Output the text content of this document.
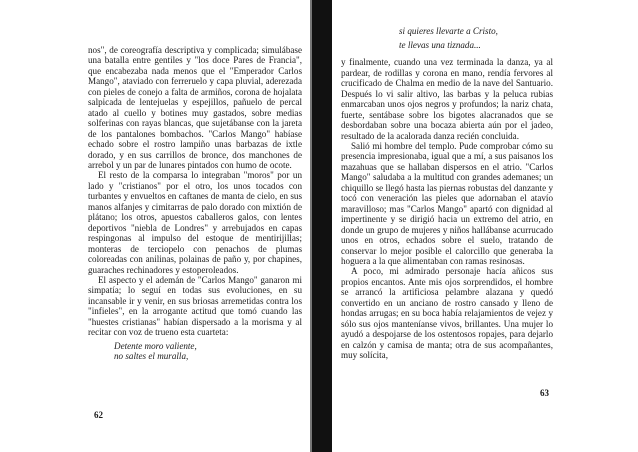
nos", de coreografía descriptiva y complicada; simulábase una batalla entre gentiles y "los doce Pares de Francia", que encabezaba nada menos que el "Emperador Carlos Mango", ataviado con ferreruelo y capa pluvial, aderezada con pieles de conejo a falta de armiños, corona de hojalata salpicada de lentejuelas y espejillos, pañuelo de percal atado al cuello y botines muy gastados, sobre medias solferinas con rayas blancas, que sujetábanse con la jareta de los pantalones bombachos. "Carlos Mango" habíase echado sobre el rostro lampiño unas barbazas de ixtle dorado, y en sus carrillos de bronce, dos manchones de arrebol y un par de lunares pintados con humo de ocote.

El resto de la comparsa lo integraban "moros" por un lado y "cristianos" por el otro, los unos tocados con turbantes y envueltos en caftanes de manta de cielo, en sus manos alfanjes y cimitarras de palo dorado con mixtión de plátano; los otros, apuestos caballeros galos, con lentes deportivos "niebla de Londres" y arrebujados en capas respingonas al impulso del estoque de mentirijillas; monteras de terciopelo con penachos de plumas coloreadas con anilinas, polainas de paño y, por chapines, guaraches rechinadores y estoperoleados.

El aspecto y el ademán de "Carlos Mango" ganaron mi simpatía; lo seguí en todas sus evoluciones, en su incansable ir y venir, en sus briosas arremetidas contra los "infieles", en la arrogante actitud que tomó cuando las "huestes cristianas" habían dispersado a la morisma y al recitar con voz de trueno esta cuarteta:

Detente moro valiente,

no saltes el muralla,

62

si quieres llevarte a Cristo,

te llevas una tiznada...

y finalmente, cuando una vez terminada la danza, ya al pardear, de rodillas y corona en mano, rendía fervores al crucificado de Chalma en medio de la nave del Santuario. Después lo vi salir altivo, las barbas y la peluca rubias enmarcaban unos ojos negros y profundos; la nariz chata, fuerte, sentábase sobre los bigotes alacranados que se desbordaban sobre una bocaza abierta aún por el jadeo, resultado de la acalorada danza recién concluida.

Salió mi hombre del templo. Pude comprobar cómo su presencia impresionaba, igual que a mí, a sus paisanos los mazahuas que se hallaban dispersos en el atrio. "Carlos Mango" saludaba a la multitud con grandes ademanes; un chiquillo se llegó hasta las piernas robustas del danzante y tocó con veneración las pieles que adornaban el atavío maravilloso; mas "Carlos Mango" apartó con dignidad al impertinente y se dirigió hacia un extremo del atrio, en donde un grupo de mujeres y niños hallábanse acurrucado unos en otros, echados sobre el suelo, tratando de conservar lo mejor posible el calorcillo que generaba la hoguera a la que alimentaban con ramas resinosas.

A poco, mi admirado personaje hacía añicos sus propios encantos. Ante mis ojos sorprendidos, el hombre se arrancó la artificiosa pelambre alazana y quedó convertido en un anciano de rostro cansado y lleno de hondas arrugas; en su boca había relajamientos de vejez y sólo sus ojos manteníanse vivos, brillantes. Una mujer lo ayudó a despojarse de los ostentosos ropajes, para dejarlo en calzón y camisa de manta; otra de sus acompañantes, muy solícita,

63
